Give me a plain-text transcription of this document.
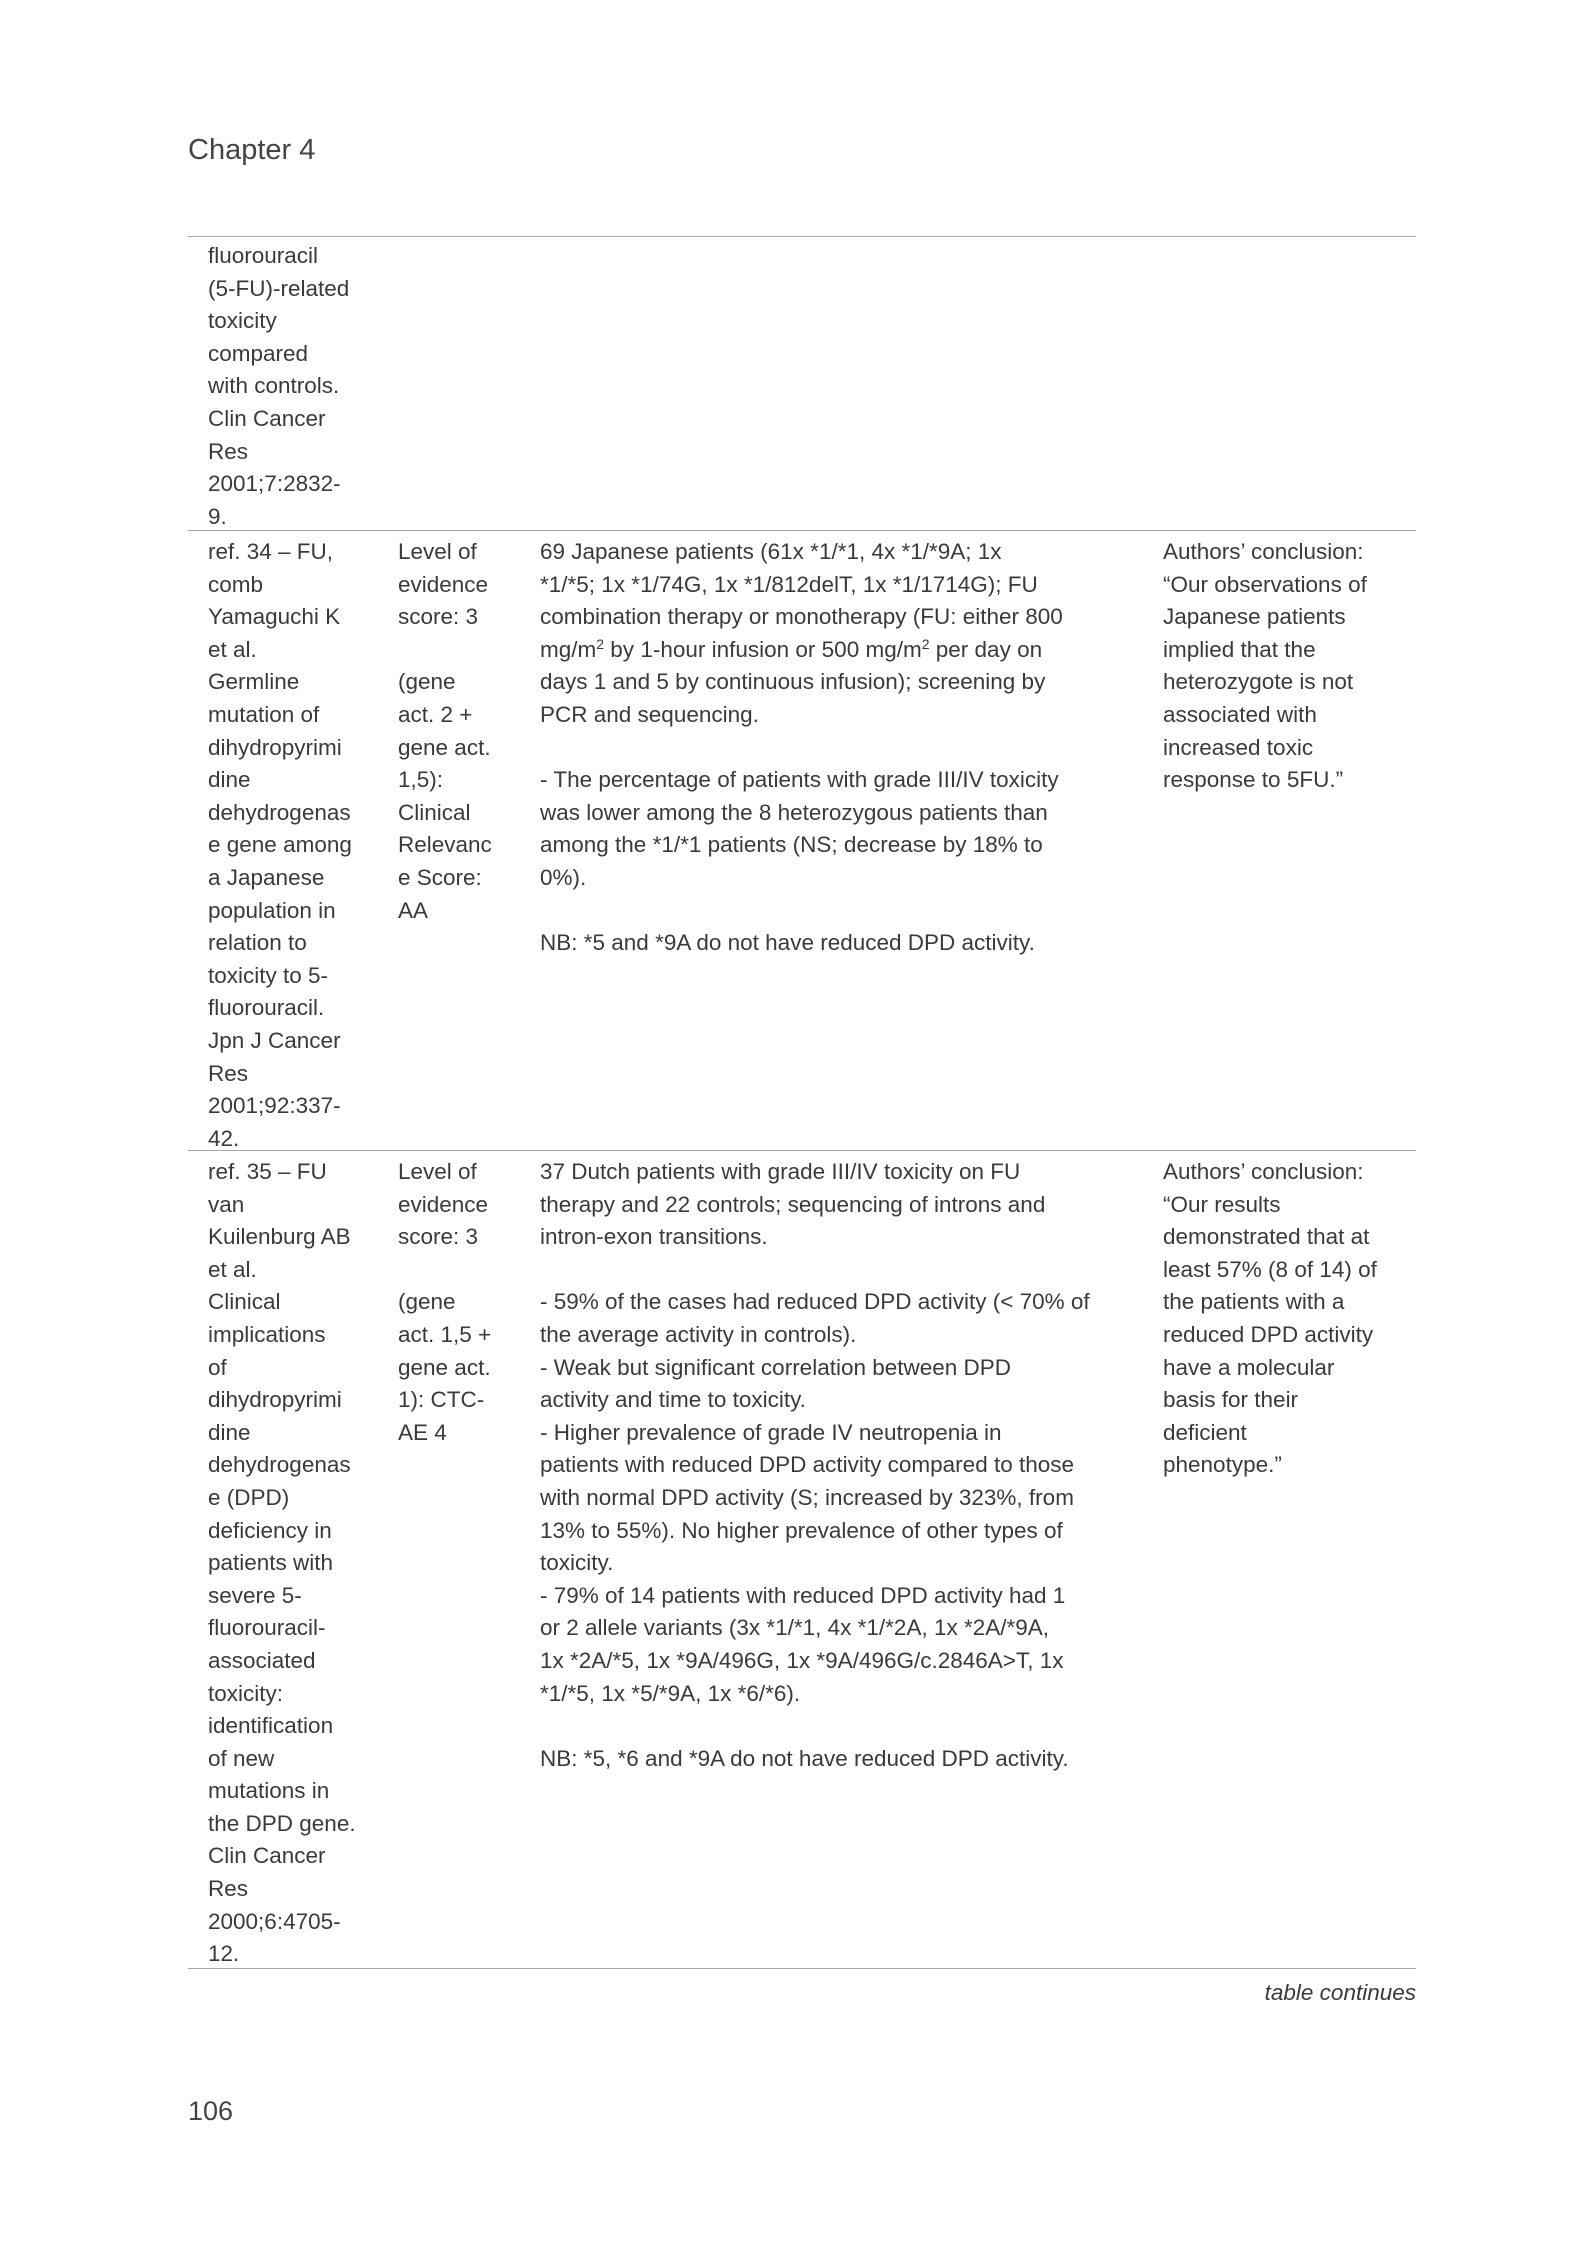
Chapter 4
fluorouracil
(5-FU)-related
toxicity
compared
with controls.
Clin Cancer
Res
2001;7:2832-
9.
ref. 34 – FU,
comb
Yamaguchi K
et al.
Germline
mutation of
dihydropyrimi
dine
dehydrogenas
e gene among
a Japanese
population in
relation to
toxicity to 5-
fluorouracil.
Jpn J Cancer
Res
2001;92:337-
42.
Level of
evidence
score: 3

(gene
act. 2 +
gene act.
1,5):
Clinical
Relevanc
e Score:
AA
69 Japanese patients (61x *1/*1, 4x *1/*9A; 1x
*1/*5; 1x *1/74G, 1x *1/812delT, 1x *1/1714G); FU
combination therapy or monotherapy (FU: either 800
$mg/m^2$ by 1-hour infusion or 500 $mg/m^2$ per day on
days 1 and 5 by continuous infusion); screening by
PCR and sequencing.

- The percentage of patients with grade III/IV toxicity
was lower among the 8 heterozygous patients than
among the *1/*1 patients (NS; decrease by 18% to
0%).

NB: *5 and *9A do not have reduced DPD activity.
Authors’ conclusion:
“Our observations of
Japanese patients
implied that the
heterozygote is not
associated with
increased toxic
response to 5FU.”
ref. 35 – FU
van
Kuilenburg AB
et al.
Clinical
implications
of
dihydropyrimi
dine
dehydrogenas
e (DPD)
deficiency in
patients with
severe 5-
fluorouracil-
associated
toxicity:
identification
of new
mutations in
the DPD gene.
Clin Cancer
Res
2000;6:4705-
12.
Level of
evidence
score: 3

(gene
act. 1,5 +
gene act.
1): CTC-
AE 4
37 Dutch patients with grade III/IV toxicity on FU
therapy and 22 controls; sequencing of introns and
intron-exon transitions.

- 59% of the cases had reduced DPD activity (< 70% of
the average activity in controls).
- Weak but significant correlation between DPD
activity and time to toxicity.
- Higher prevalence of grade IV neutropenia in
patients with reduced DPD activity compared to those
with normal DPD activity (S; increased by 323%, from
13% to 55%). No higher prevalence of other types of
toxicity.
- 79% of 14 patients with reduced DPD activity had 1
or 2 allele variants (3x *1/*1, 4x *1/*2A, 1x *2A/*9A,
1x *2A/*5, 1x *9A/496G, 1x *9A/496G/c.2846A>T, 1x
*1/*5, 1x *5/*9A, 1x *6/*6).

NB: *5, *6 and *9A do not have reduced DPD activity.
Authors’ conclusion:
“Our results
demonstrated that at
least 57% (8 of 14) of
the patients with a
reduced DPD activity
have a molecular
basis for their
deficient
phenotype.”
table continues
106
